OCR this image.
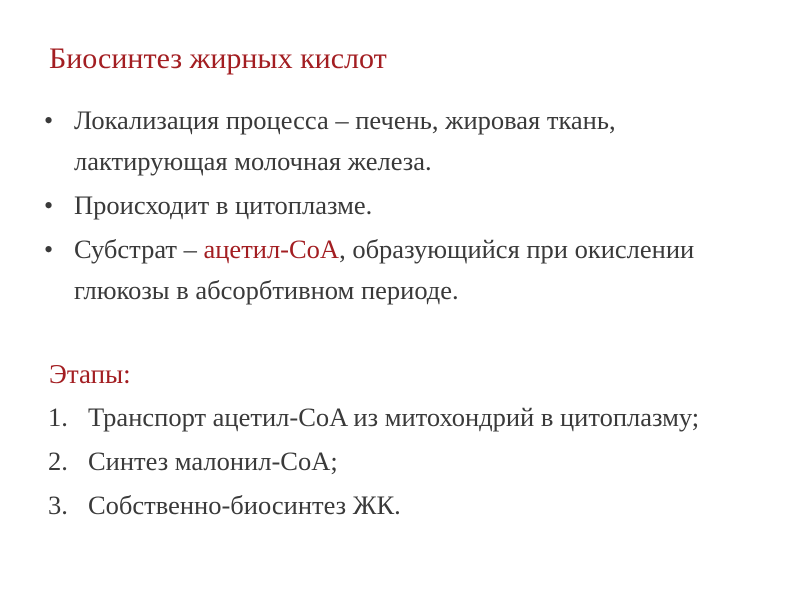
Биосинтез жирных кислот
• Локализация процесса – печень, жировая ткань, лактирующая молочная железа.
• Происходит в цитоплазме.
• Субстрат – ацетил-CoA, образующийся при окислении глюкозы в абсорбтивном периоде.
Этапы:
1. Транспорт ацетил-CoA из митохондрий в цитоплазму;
2. Синтез малонил-CoA;
3. Собственно-биосинтез ЖК.
